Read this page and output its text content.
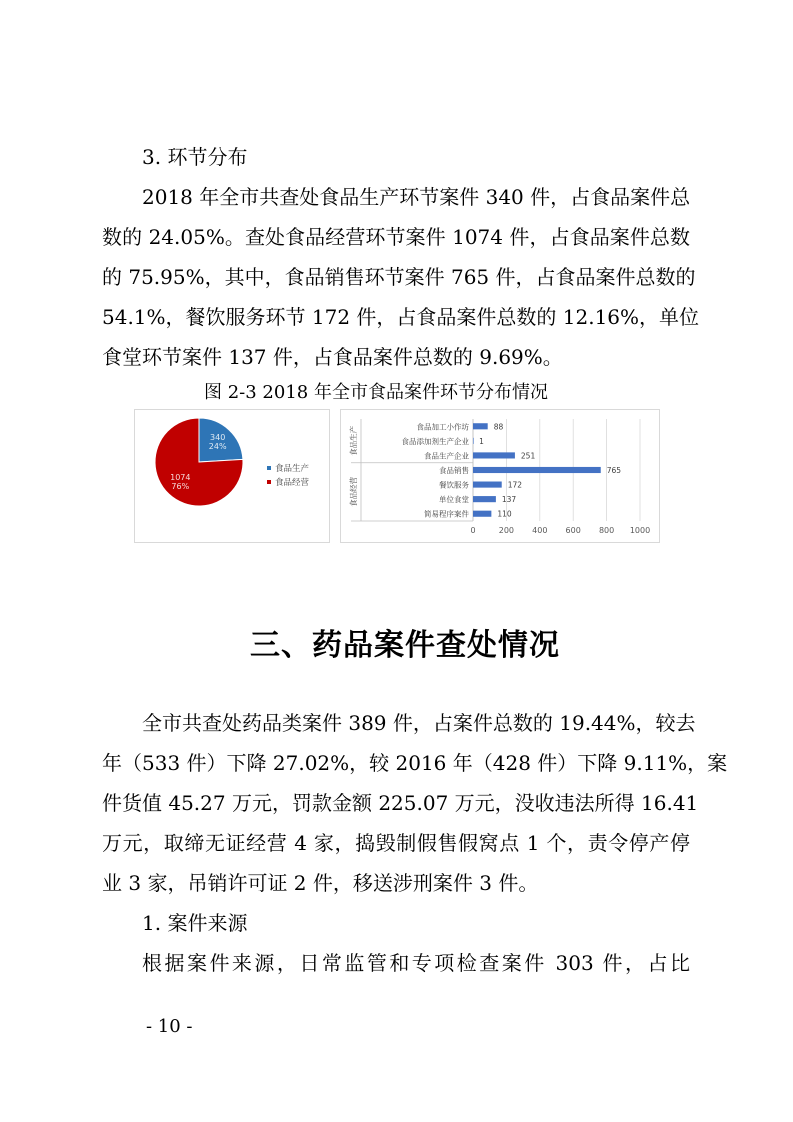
3. 环节分布
2018 年全市共查处食品生产环节案件 340 件，占食品案件总
数的 24.05%。查处食品经营环节案件 1074 件，占食品案件总数
的 75.95%，其中，食品销售环节案件 765 件，占食品案件总数的
54.1%，餐饮服务环节 172 件，占食品案件总数的 12.16%，单位
食堂环节案件 137 件，占食品案件总数的 9.69%。
图 2-3 2018 年全市食品案件环节分布情况
340
24%
食品生产
1074
76%	食品经营
0	200 400 600 800 1000
食品生产
食品经营
食品加工小作坊	88
食品添加剂生产企业 1
食品生产企业	251
食品销售	765
餐饮服务	172
单位食堂	137
简易程序案件	110
三、药品案件查处情况
全市共查处药品类案件 389 件，占案件总数的 19.44%，较去
年（533 件）下降 27.02%，较 2016 年（428 件）下降 9.11%，案
件货值 45.27 万元，罚款金额 225.07 万元，没收违法所得 16.41
万元，取缔无证经营 4 家，捣毁制假售假窝点 1 个，责令停产停
业 3 家，吊销许可证 2 件，移送涉刑案件 3 件。
1. 案件来源
根据案件来源，日常监管和专项检查案件 303 件，占比
- 10 -
